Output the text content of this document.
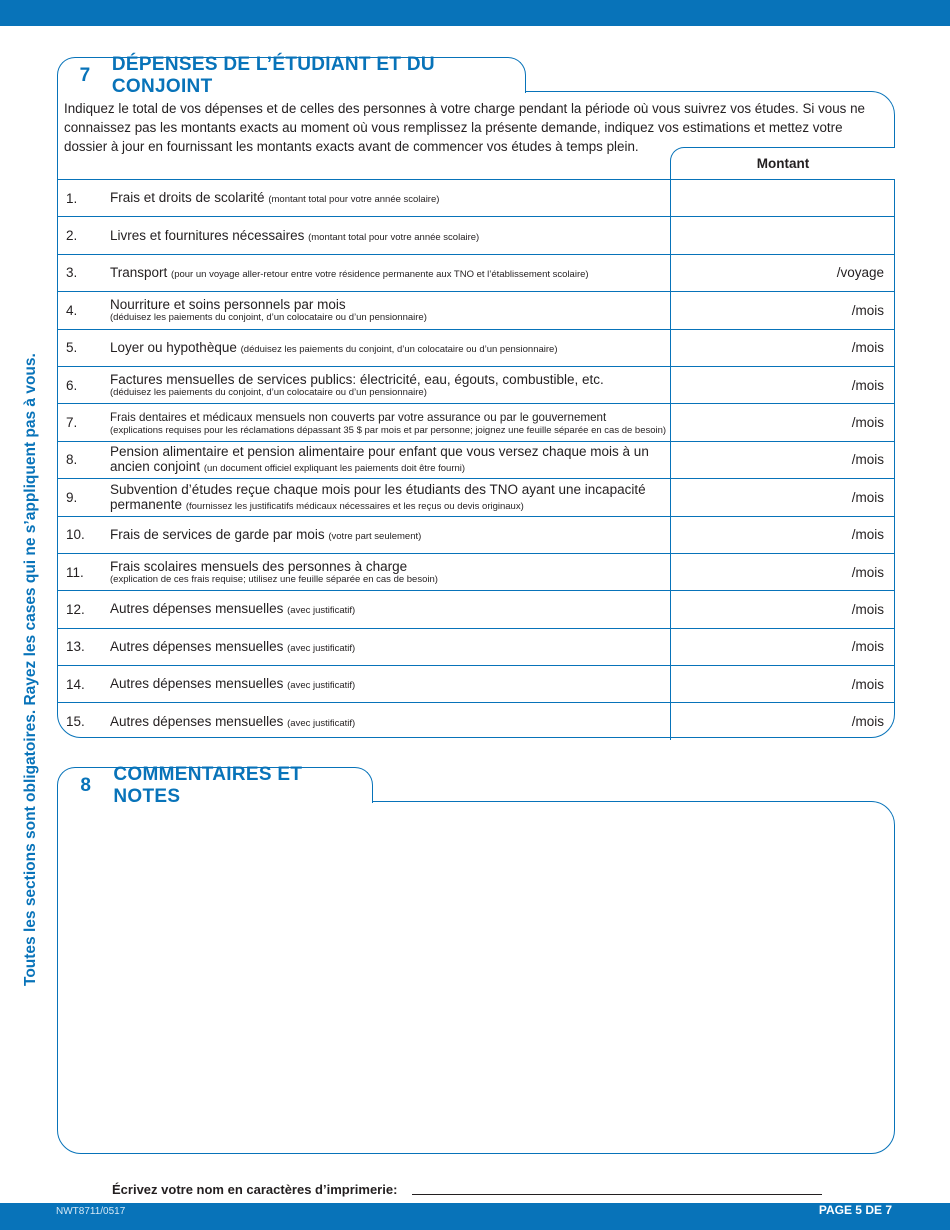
Toutes les sections sont obligatoires. Rayez les cases qui ne s’appliquent pas à vous.
7
DÉPENSES DE L’ÉTUDIANT ET DU CONJOINT

Indiquez le total de vos dépenses et de celles des personnes à votre charge pendant la période où vous suivrez vos études. Si vous ne connaissez pas les montants exacts au moment où vous remplissez la présente demande, indiquez vos estimations et mettez votre dossier à jour en fournissant les montants exacts avant de commencer vos études à temps plein.

Montant
1. Frais et droits de scolarité (montant total pour votre année scolaire)
2. Livres et fournitures nécessaires (montant total pour votre année scolaire)
3. Transport (pour un voyage aller-retour entre votre résidence permanente aux TNO et l’établissement scolaire)	/voyage
4. Nourriture et soins personnels par mois
(déduisez les paiements du conjoint, d’un colocataire ou d’un pensionnaire)	/mois
5. Loyer ou hypothèque (déduisez les paiements du conjoint, d’un colocataire ou d’un pensionnaire)	/mois
6. Factures mensuelles de services publics: électricité, eau, égouts, combustible, etc.
(déduisez les paiements du conjoint, d’un colocataire ou d’un pensionnaire)	/mois
7.	Frais dentaires et médicaux mensuels non couverts par votre assurance ou par le gouvernement
(explications requises pour les réclamations dépassant 35 $ par mois et par personne; joignez une feuille séparée en cas de besoin)	/mois
8.
Pension alimentaire et pension alimentaire pour enfant que vous versez chaque mois à un ancien conjoint (un document officiel expliquant les paiements doit être fourni)
/mois
9.
Subvention d’études reçue chaque mois pour les étudiants des TNO ayant une incapacité permanente (fournissez les justificatifs médicaux nécessaires et les reçus ou devis originaux)
/mois
10. Frais de services de garde par mois (votre part seulement)	/mois
11. Frais scolaires mensuels des personnes à charge
(explication de ces frais requise; utilisez une feuille séparée en cas de besoin)	/mois
12. Autres dépenses mensuelles (avec justificatif)	/mois
13. Autres dépenses mensuelles (avec justificatif)	/mois
14. Autres dépenses mensuelles (avec justificatif)	/mois
15. Autres dépenses mensuelles (avec justificatif)	/mois
8
COMMENTAIRES ET NOTES
Écrivez votre nom en caractères d’imprimerie:
NWT8711/0517	PAGE 5 DE 7
